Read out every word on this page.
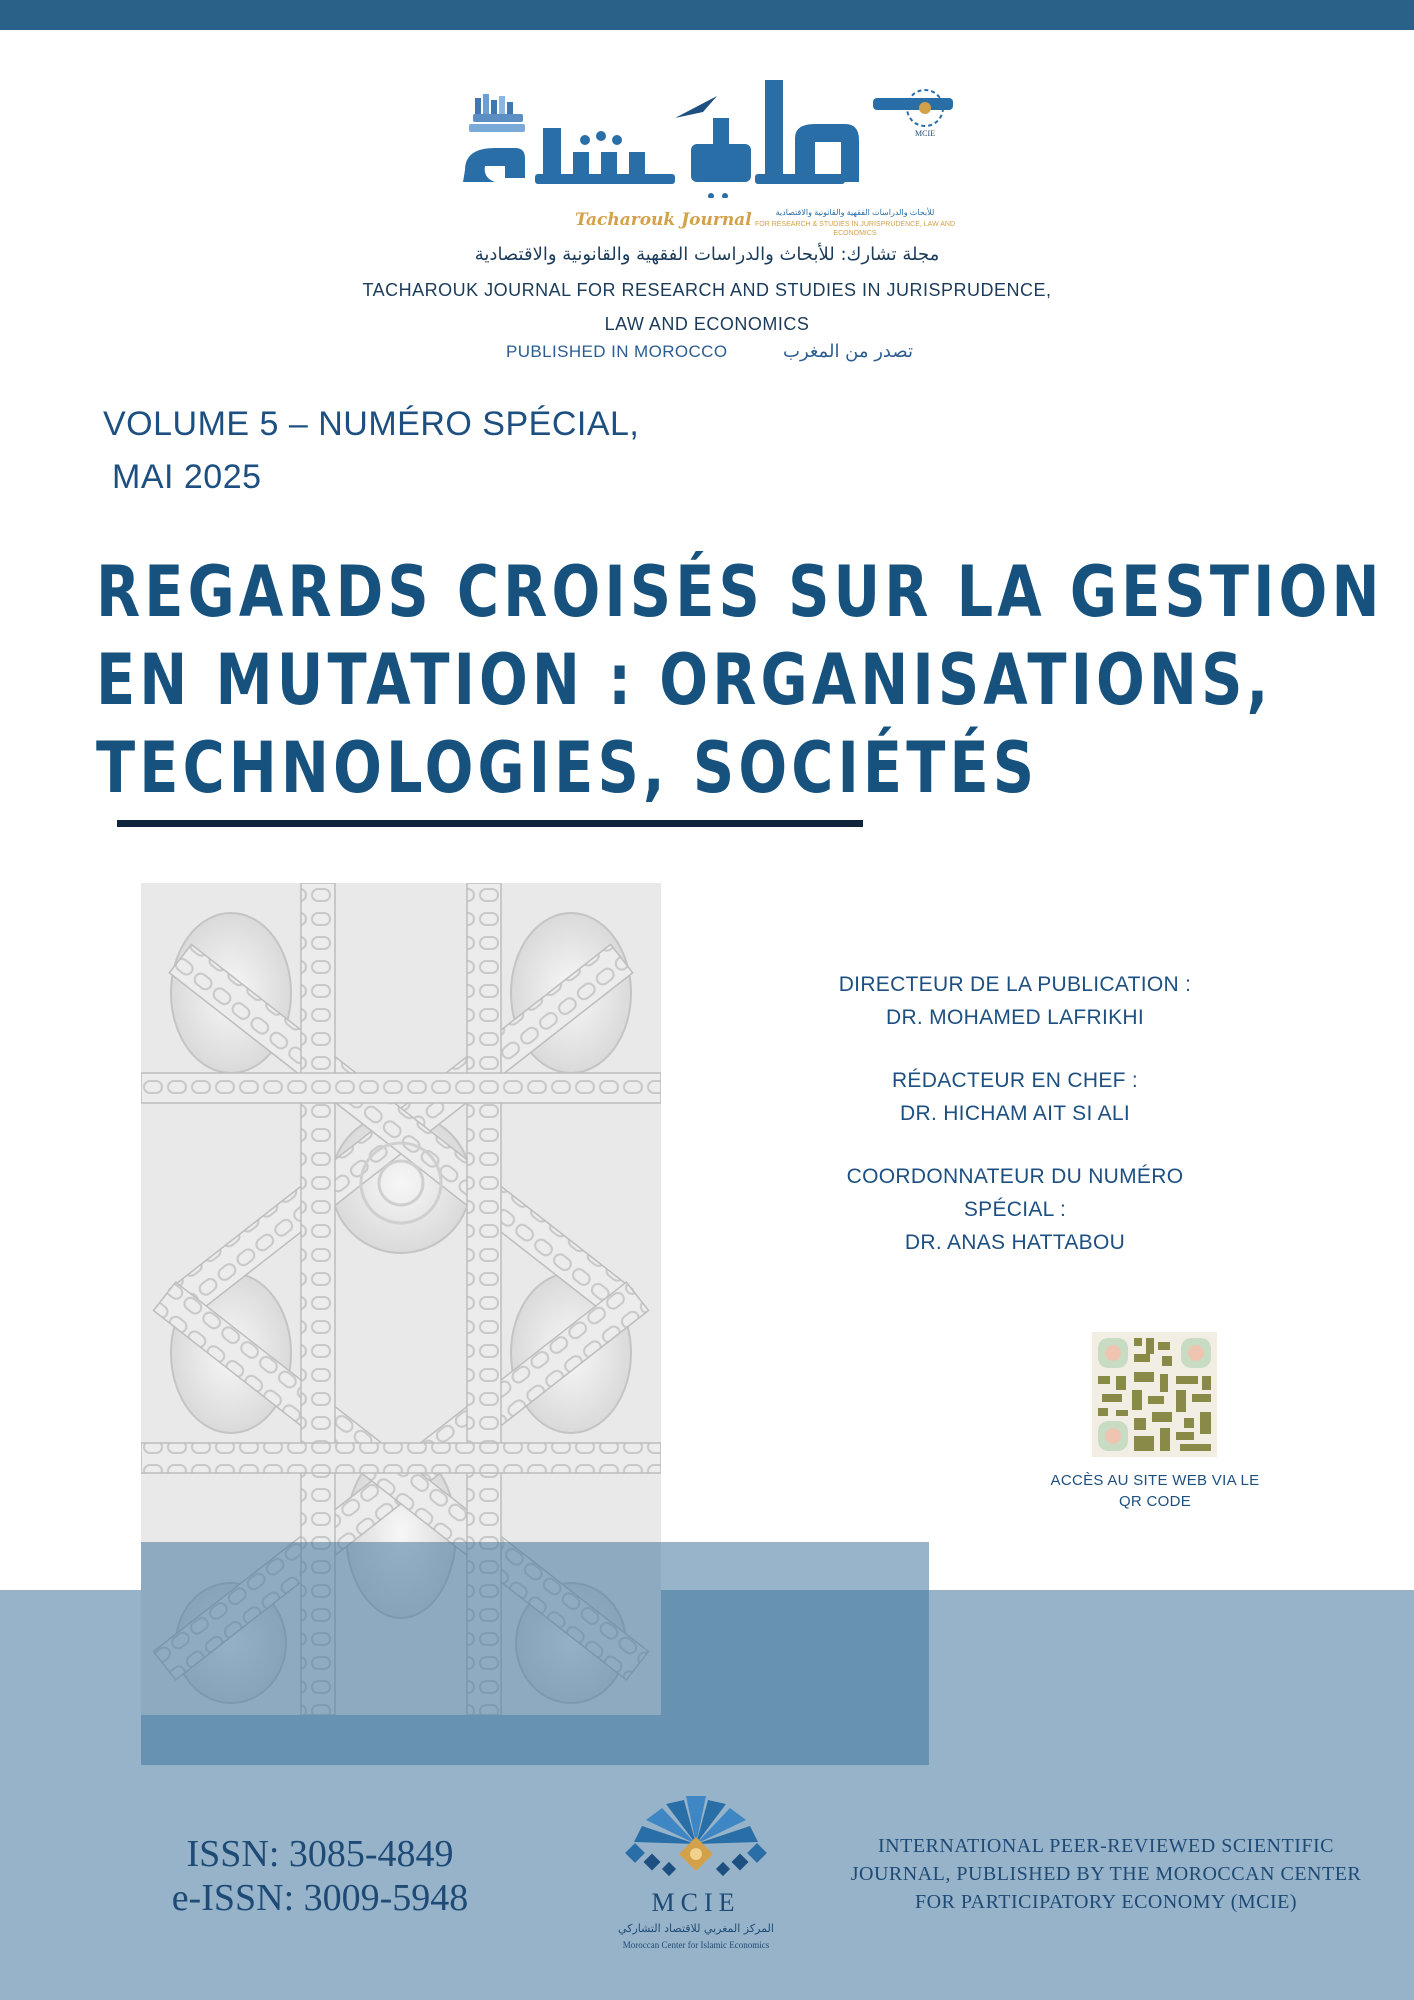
MCIE
Tacharouk Journal	للأبحاث والدراسات الفقهية والقانونية والاقتصادية
FOR RESEARCH & STUDIES IN JURISPRUDENCE, LAW AND ECONOMICS
مجلة تشارك: للأبحاث والدراسات الفقهية والقانونية والاقتصادية
TACHAROUK JOURNAL FOR RESEARCH AND STUDIES IN JURISPRUDENCE,
LAW AND ECONOMICS
PUBLISHED IN MOROCCO	تصدر من المغرب
VOLUME 5 – NUMÉRO SPÉCIAL,
MAI 2025
REGARDS CROISÉS SUR LA GESTION
EN MUTATION : ORGANISATIONS,
TECHNOLOGIES, SOCIÉTÉS
DIRECTEUR DE LA PUBLICATION :
DR. MOHAMED LAFRIKHI
RÉDACTEUR EN CHEF :
DR. HICHAM AIT SI ALI
COORDONNATEUR DU NUMÉRO
SPÉCIAL :
DR. ANAS HATTABOU
ACCÈS AU SITE WEB VIA LE
QR CODE
ISSN: 3085-4849
e-ISSN: 3009-5948	MCIE
المركز المغربي للاقتصاد التشاركي
Moroccan Center for Islamic Economics
INTERNATIONAL PEER-REVIEWED SCIENTIFIC
JOURNAL, PUBLISHED BY THE MOROCCAN CENTER
FOR PARTICIPATORY ECONOMY (MCIE)
